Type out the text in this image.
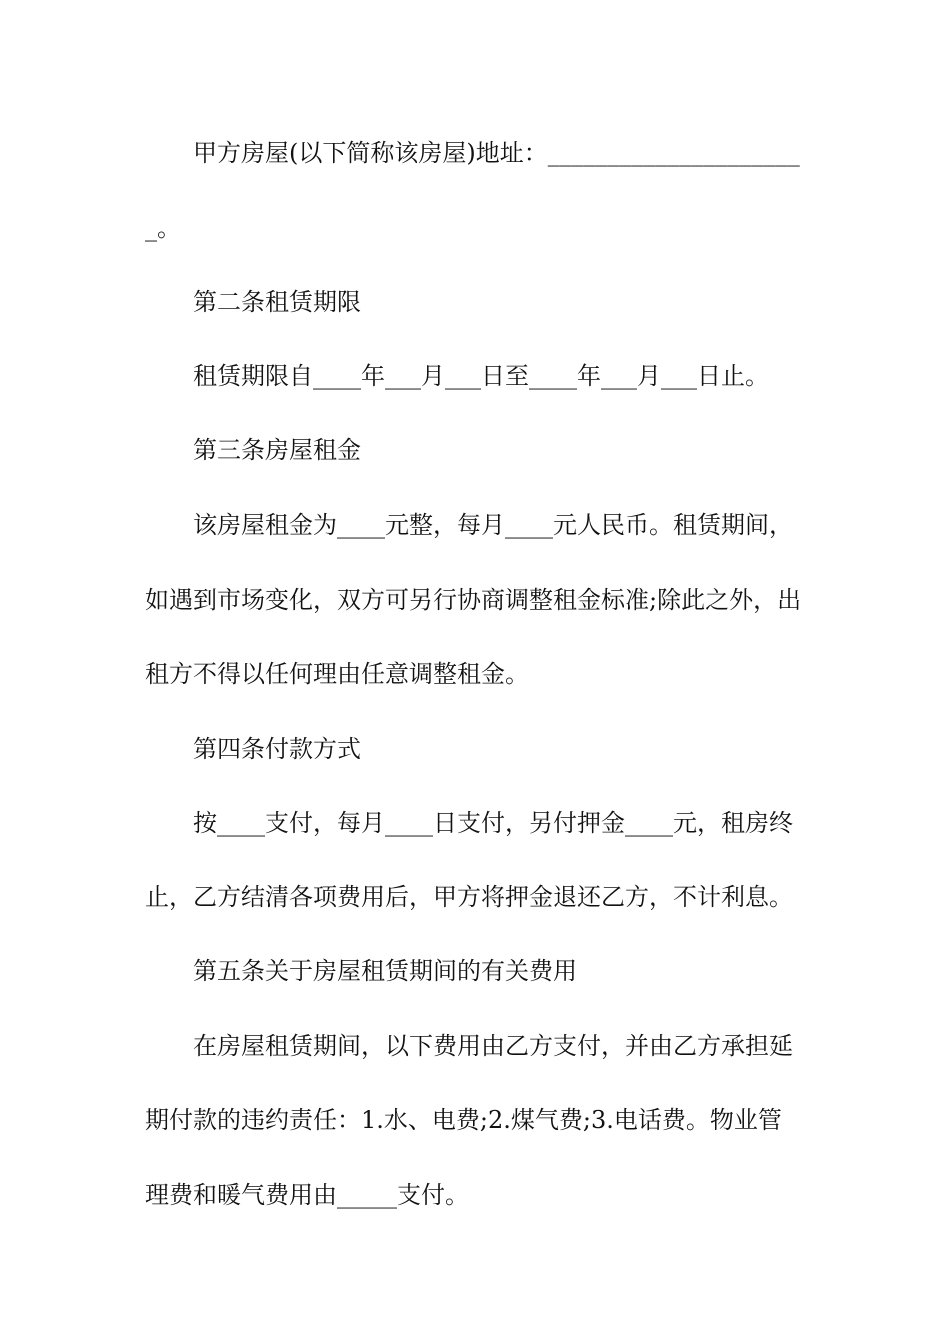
甲方房屋(以下简称该房屋)地址：_____________________

_。

第二条租赁期限

租赁期限自____年___月___日至____年___月___日止。

第三条房屋租金

该房屋租金为____元整，每月____元人民币。租赁期间，

如遇到市场变化，双方可另行协商调整租金标准;除此之外，出

租方不得以任何理由任意调整租金。

第四条付款方式

按____支付，每月____日支付，另付押金____元，租房终

止，乙方结清各项费用后，甲方将押金退还乙方，不计利息。

第五条关于房屋租赁期间的有关费用

在房屋租赁期间，以下费用由乙方支付，并由乙方承担延

期付款的违约责任：1.水、电费;2.煤气费;3.电话费。物业管

理费和暖气费用由_____支付。
